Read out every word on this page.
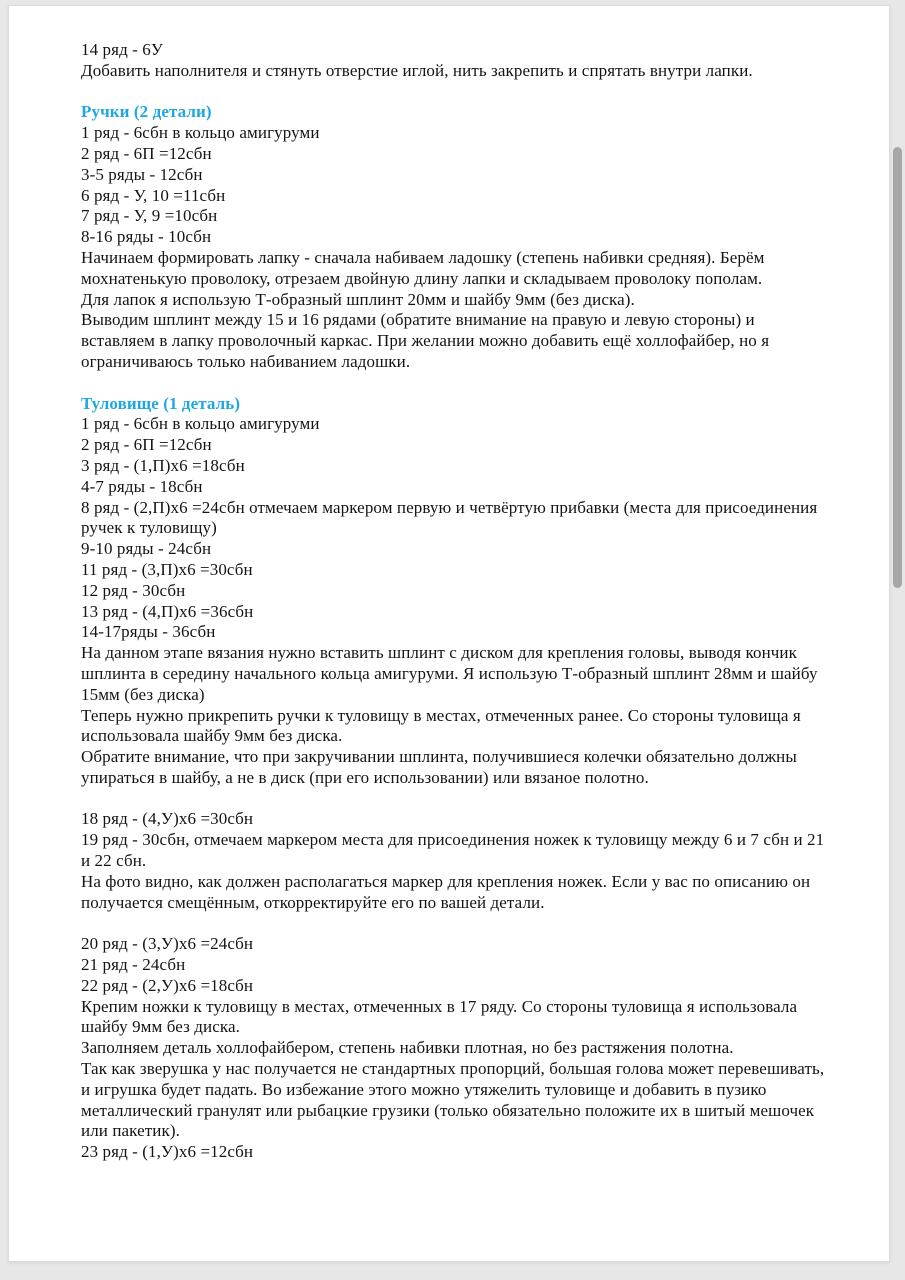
14 ряд - 6У

Добавить наполнителя и стянуть отверстие иглой, нить закрепить и спрятать внутри лапки.

Ручки (2 детали)

1 ряд - 6сбн в кольцо амигуруми

2 ряд - 6П =12сбн

3-5 ряды - 12сбн

6 ряд - У, 10 =11сбн

7 ряд - У, 9 =10сбн

8-16 ряды - 10сбн

Начинаем формировать лапку - сначала набиваем ладошку (степень набивки средняя). Берём мохнатенькую проволоку, отрезаем двойную длину лапки и складываем проволоку пополам.

Для лапок я использую Т-образный шплинт 20мм и шайбу 9мм (без диска).

Выводим шплинт между 15 и 16 рядами (обратите внимание на правую и левую стороны) и вставляем в лапку проволочный каркас. При желании можно добавить ещё холлофайбер, но я ограничиваюсь только набиванием ладошки.

Туловище (1 деталь)

1 ряд - 6сбн в кольцо амигуруми

2 ряд - 6П =12сбн

3 ряд - (1,П)х6 =18сбн

4-7 ряды - 18сбн

8 ряд - (2,П)х6 =24сбн отмечаем маркером первую и четвёртую прибавки (места для присоединения ручек к туловищу)

9-10 ряды - 24сбн

11 ряд - (3,П)х6 =30сбн

12 ряд - 30сбн

13 ряд - (4,П)х6 =36сбн

14-17ряды - 36сбн

На данном этапе вязания нужно вставить шплинт с диском для крепления головы, выводя кончик шплинта в середину начального кольца амигуруми. Я использую Т-образный шплинт 28мм и шайбу 15мм (без диска)

Теперь нужно прикрепить ручки к туловищу в местах, отмеченных ранее. Со стороны туловища я использовала шайбу 9мм без диска.

Обратите внимание, что при закручивании шплинта, получившиеся колечки обязательно должны упираться в шайбу, а не в диск (при его использовании) или вязаное полотно.

18 ряд - (4,У)х6 =30сбн

19 ряд - 30сбн, отмечаем маркером места для присоединения ножек к туловищу между 6 и 7 сбн и 21 и 22 сбн.

На фото видно, как должен располагаться маркер для крепления ножек. Если у вас по описанию он получается смещённым, откорректируйте его по вашей детали.

20 ряд - (3,У)х6 =24сбн

21 ряд - 24сбн

22 ряд - (2,У)х6 =18сбн

Крепим ножки к туловищу в местах, отмеченных в 17 ряду. Со стороны туловища я использовала шайбу 9мм без диска.

Заполняем деталь холлофайбером, степень набивки плотная, но без растяжения полотна.

Так как зверушка у нас получается не стандартных пропорций, большая голова может перевешивать, и игрушка будет падать. Во избежание этого можно утяжелить туловище и добавить в пузико металлический гранулят или рыбацкие грузики (только обязательно положите их в шитый мешочек или пакетик).

23 ряд - (1,У)х6 =12сбн
